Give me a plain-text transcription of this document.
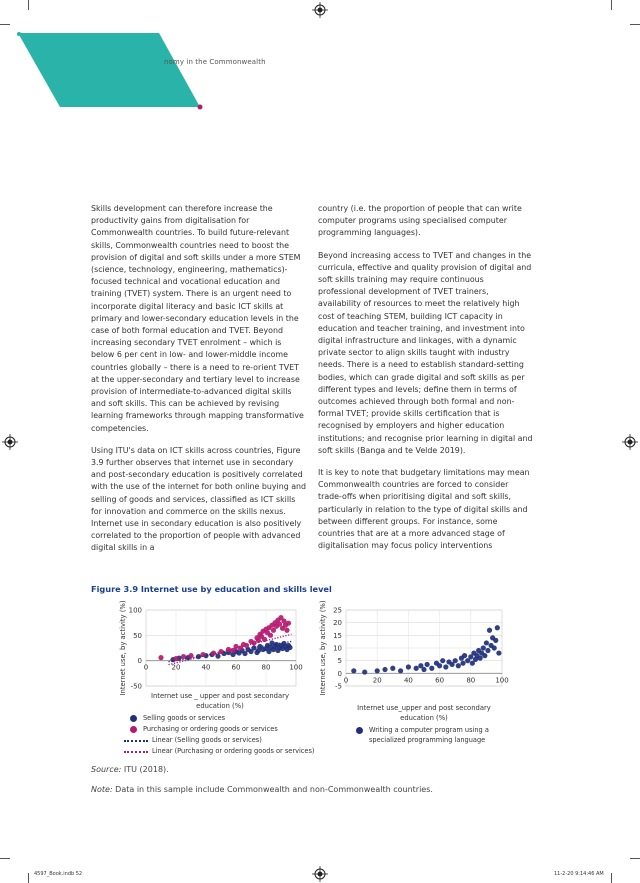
nomy in the Commonwealth

Skills development can therefore increase the productivity gains from digitalisation for Commonwealth countries. To build future-relevant skills, Commonwealth countries need to boost the provision of digital and soft skills under a more STEM (science, technology, engineering, mathematics)-focused technical and vocational education and training (TVET) system. There is an urgent need to incorporate digital literacy and basic ICT skills at primary and lower-secondary education levels in the case of both formal education and TVET. Beyond increasing secondary TVET enrolment – which is below 6 per cent in low- and lower-middle income countries globally – there is a need to re-orient TVET at the upper-secondary and tertiary level to increase provision of intermediate-to-advanced digital skills and soft skills. This can be achieved by revising learning frameworks through mapping transformative competencies.

Using ITU's data on ICT skills across countries, Figure 3.9 further observes that internet use in secondary and post-secondary education is positively correlated with the use of the internet for both online buying and selling of goods and services, classified as ICT skills for innovation and commerce on the skills nexus. Internet use in secondary education is also positively correlated to the proportion of people with advanced digital skills in a

country (i.e. the proportion of people that can write computer programs using specialised computer programming languages).

Beyond increasing access to TVET and changes in the curricula, effective and quality provision of digital and soft skills training may require continuous professional development of TVET trainers, availability of resources to meet the relatively high cost of teaching STEM, building ICT capacity in education and teacher training, and investment into digital infrastructure and linkages, with a dynamic private sector to align skills taught with industry needs. There is a need to establish standard-setting bodies, which can grade digital and soft skills as per different types and levels; define them in terms of outcomes achieved through both formal and non-formal TVET; provide skills certification that is recognised by employers and higher education institutions; and recognise prior learning in digital and soft skills (Banga and te Velde 2019).

It is key to note that budgetary limitations may mean Commonwealth countries are forced to consider trade-offs when prioritising digital and soft skills, particularly in relation to the type of digital skills and between different groups. For instance, some countries that are at a more advanced stage of digitalisation may focus policy interventions

Figure 3.9 Internet use by education and skills level
-50
0
50
100
0	20	40	60	80	100
Internet use, by activity (%)
Internet use _ upper and post secondary
education (%)
Selling goods or services
Purchasing or ordering goods or services
Linear (Selling goods or services)
Linear (Purchasing or ordering goods or services)
-5
0
5
10
15
20
25
0	20	40	60	80	100
Internet use, by activity (%)
Internet use_upper and post secondary
education (%)
Writing a computer program using a specialized programming language
Source: ITU (2018).
Note: Data in this sample include Commonwealth and non-Commonwealth countries.
4597_Book.indb 52	11-2-20 9:14:46 AM
